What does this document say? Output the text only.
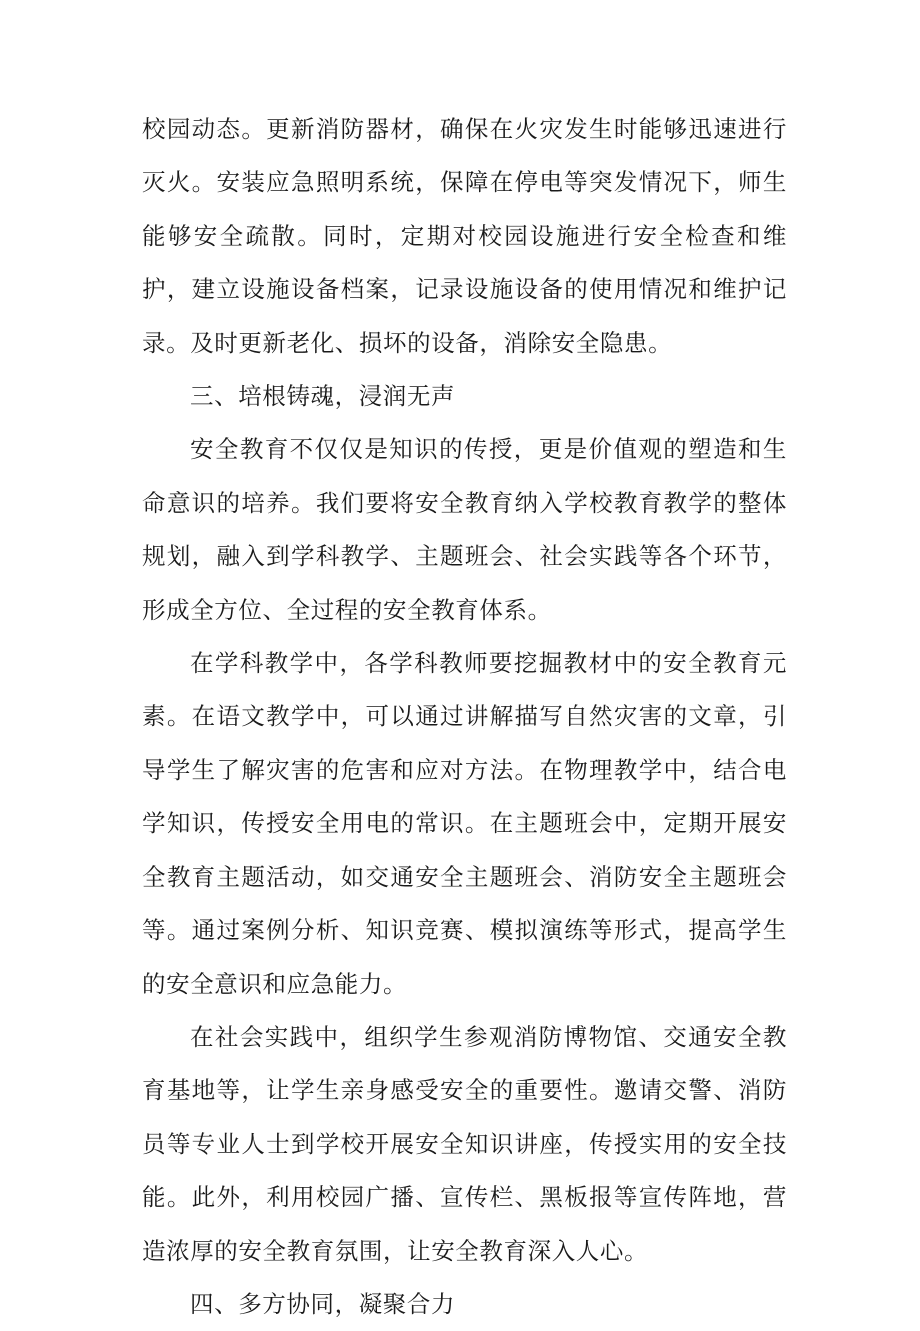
校园动态。更新消防器材，确保在火灾发生时能够迅速进行灭火。安装应急照明系统，保障在停电等突发情况下，师生能够安全疏散。同时，定期对校园设施进行安全检查和维护，建立设施设备档案，记录设施设备的使用情况和维护记录。及时更新老化、损坏的设备，消除安全隐患。

三、培根铸魂，浸润无声

安全教育不仅仅是知识的传授，更是价值观的塑造和生命意识的培养。我们要将安全教育纳入学校教育教学的整体规划，融入到学科教学、主题班会、社会实践等各个环节，形成全方位、全过程的安全教育体系。

在学科教学中，各学科教师要挖掘教材中的安全教育元素。在语文教学中，可以通过讲解描写自然灾害的文章，引导学生了解灾害的危害和应对方法。在物理教学中，结合电学知识，传授安全用电的常识。在主题班会中，定期开展安全教育主题活动，如交通安全主题班会、消防安全主题班会等。通过案例分析、知识竞赛、模拟演练等形式，提高学生的安全意识和应急能力。

在社会实践中，组织学生参观消防博物馆、交通安全教育基地等，让学生亲身感受安全的重要性。邀请交警、消防员等专业人士到学校开展安全知识讲座，传授实用的安全技能。此外，利用校园广播、宣传栏、黑板报等宣传阵地，营造浓厚的安全教育氛围，让安全教育深入人心。

四、多方协同，凝聚合力
